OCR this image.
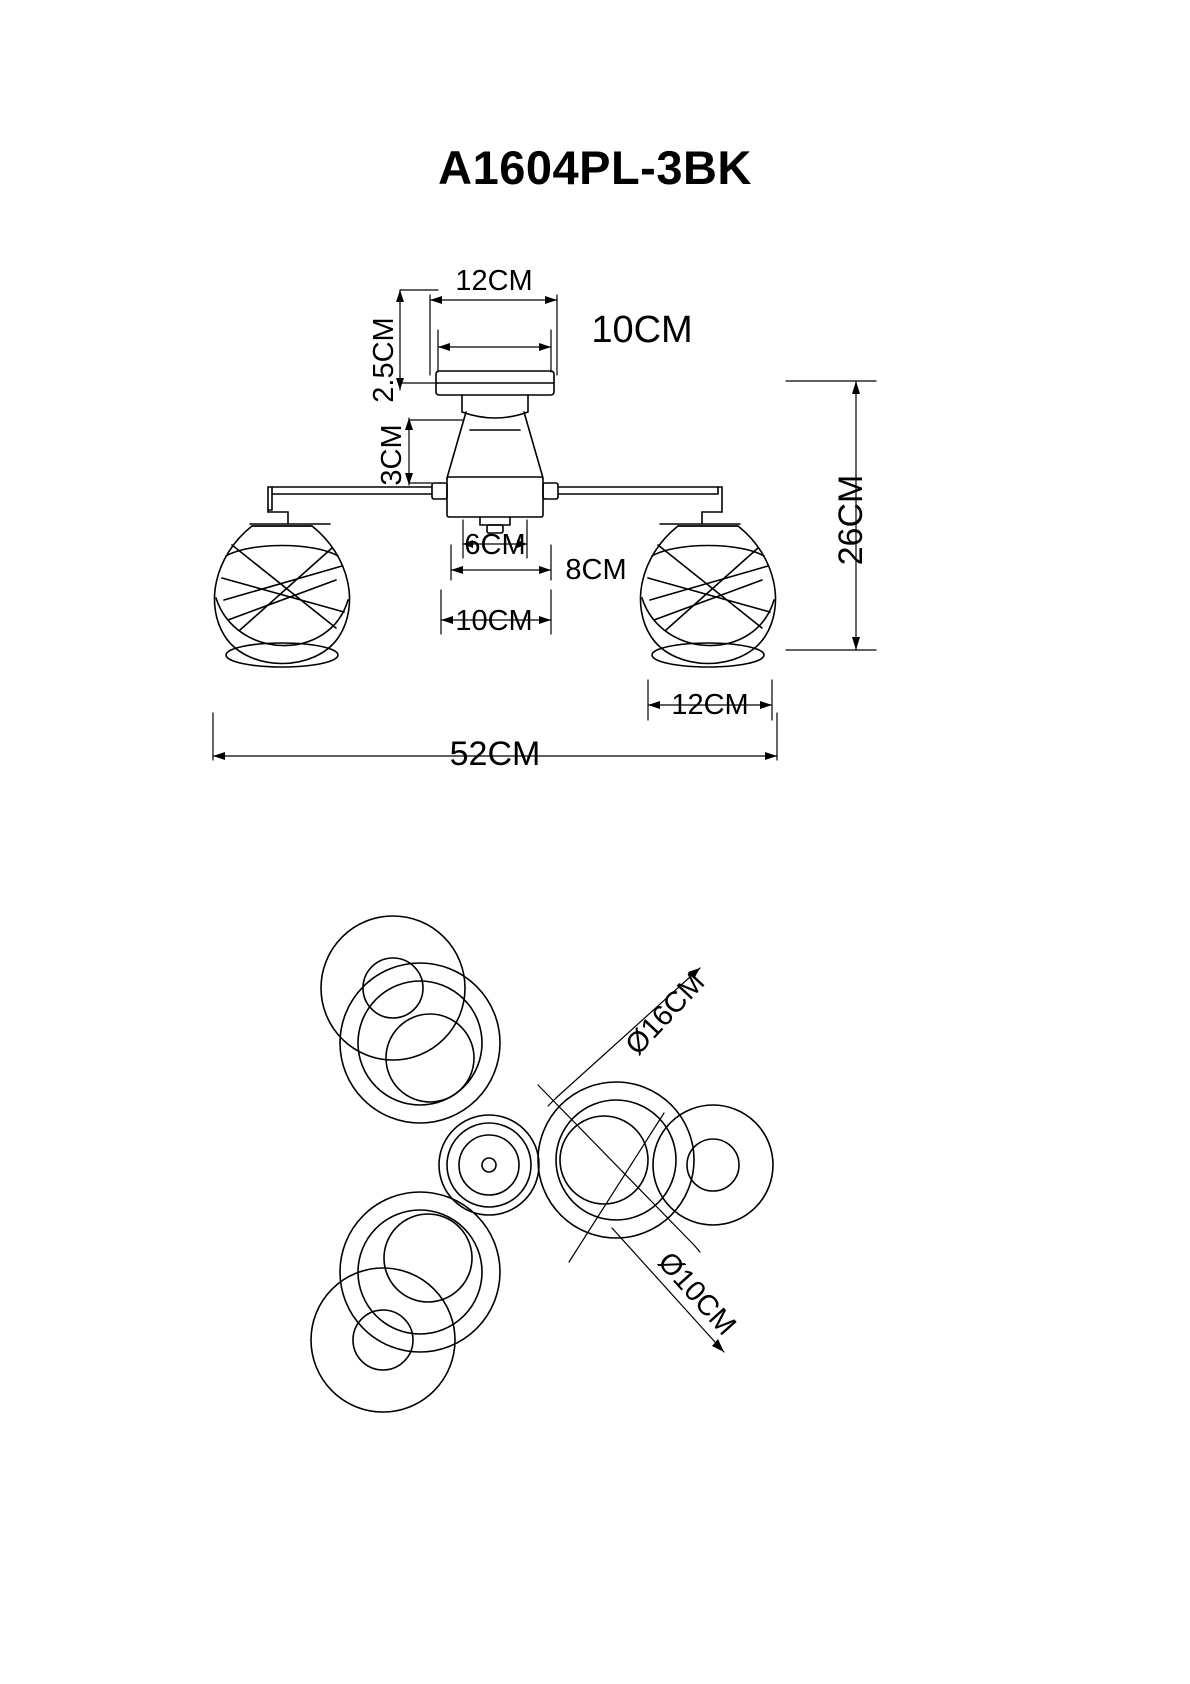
A1604PL-3BK
2.5CM
12CM
10CM
3CM
6CM
8CM
10CM
12CM
52CM
26CM
Ø16CM
Ø10CM
